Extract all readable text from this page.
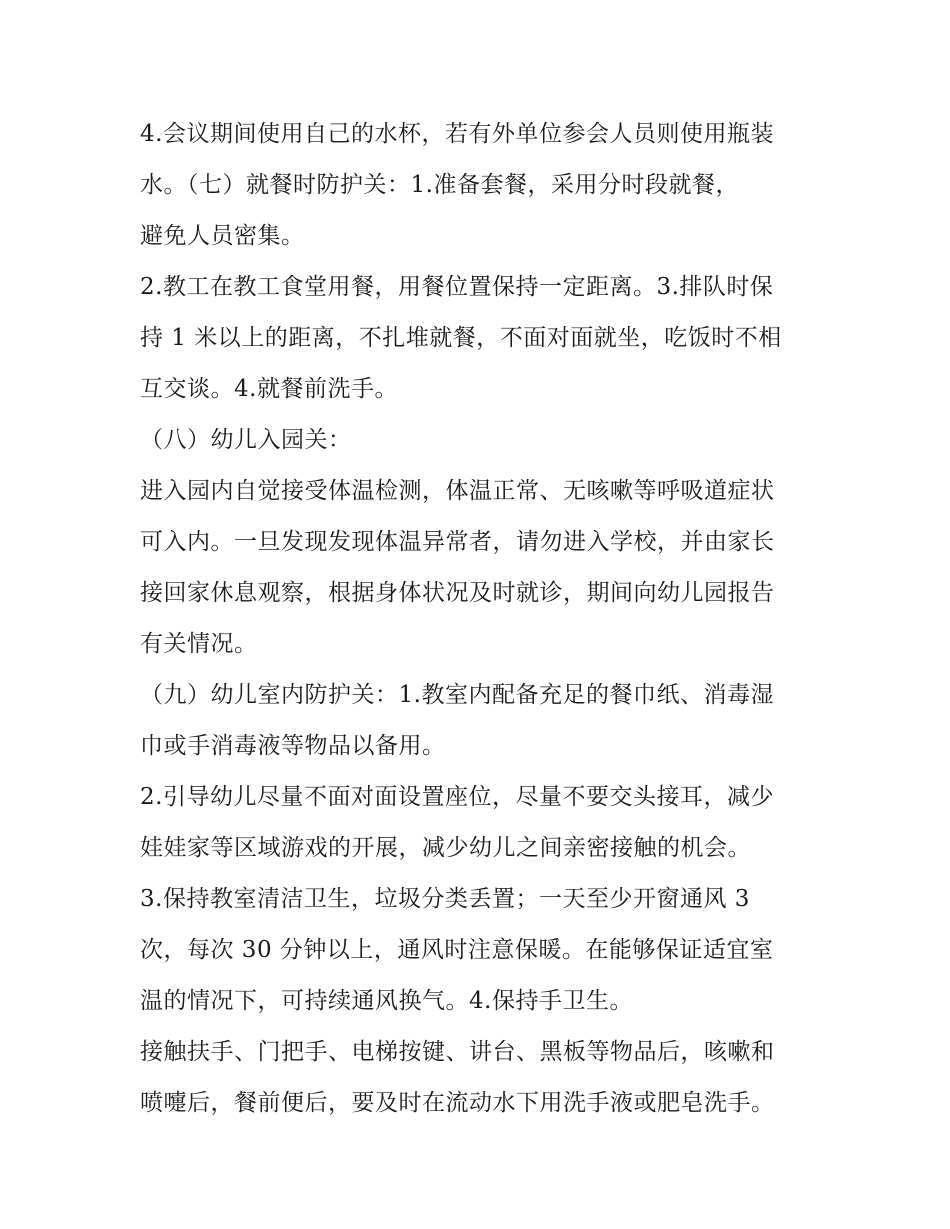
4.会议期间使用自己的水杯，若有外单位参会人员则使用瓶装
水。（七）就餐时防护关：1.准备套餐，采用分时段就餐，
避免人员密集。
2.教工在教工食堂用餐，用餐位置保持一定距离。3.排队时保
持 1 米以上的距离，不扎堆就餐，不面对面就坐，吃饭时不相
互交谈。4.就餐前洗手。
（八）幼儿入园关：
进入园内自觉接受体温检测，体温正常、无咳嗽等呼吸道症状
可入内。一旦发现发现体温异常者，请勿进入学校，并由家长
接回家休息观察，根据身体状况及时就诊，期间向幼儿园报告
有关情况。
（九）幼儿室内防护关：1.教室内配备充足的餐巾纸、消毒湿
巾或手消毒液等物品以备用。
2.引导幼儿尽量不面对面设置座位，尽量不要交头接耳，减少
娃娃家等区域游戏的开展，减少幼儿之间亲密接触的机会。
3.保持教室清洁卫生，垃圾分类丢置；一天至少开窗通风 3
次，每次 30 分钟以上，通风时注意保暖。在能够保证适宜室
温的情况下，可持续通风换气。4.保持手卫生。
接触扶手、门把手、电梯按键、讲台、黑板等物品后，咳嗽和
喷嚏后，餐前便后，要及时在流动水下用洗手液或肥皂洗手。
